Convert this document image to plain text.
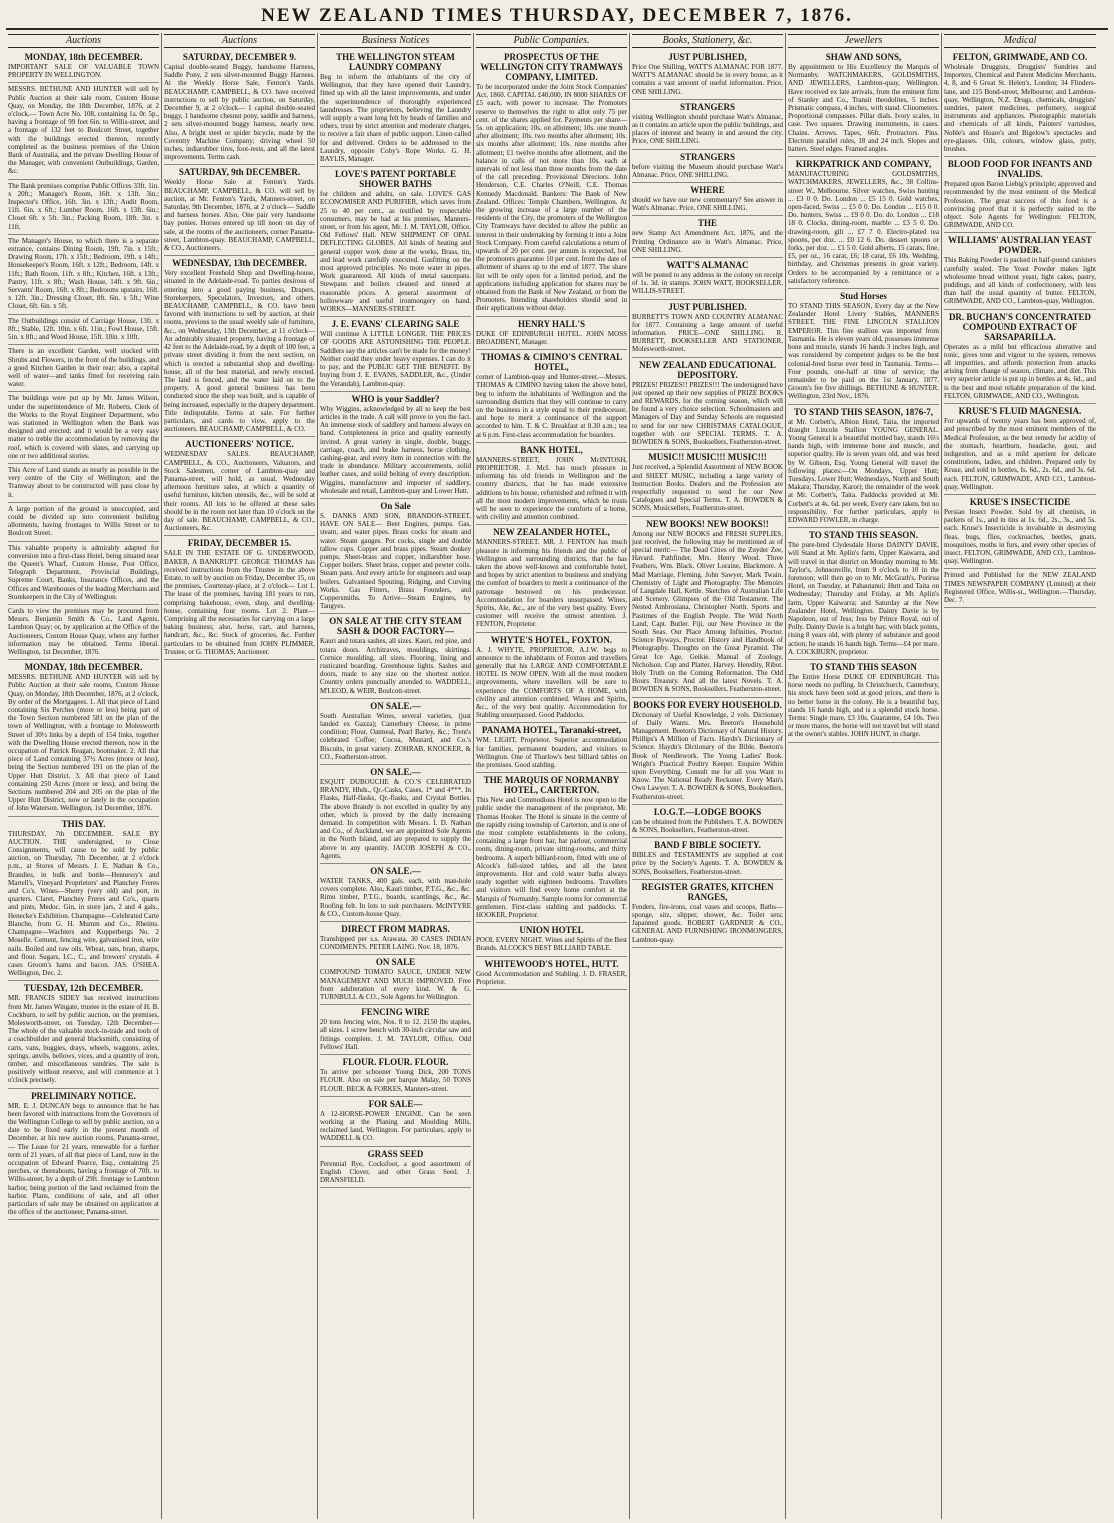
NEW ZEALAND TIMES THURSDAY, DECEMBER 7, 1876.
Auctions
MONDAY, 18th DECEMBER.
IMPORTANT SALE OF VALUABLE TOWN PROPERTY IN WELLINGTON.
MESSRS. BETHUNE AND HUNTER will sell by Public Auction at their sale room, Custom House Quay, on Monday, the 18th December, 1876, at 2 o'clock,— Town Acre No. 108, containing 1a. 0r. 5p., having a frontage of 99 feet 6in. to Willis-street, and a frontage of 132 feet to Boulcott Street, together with the buildings erected thereon, recently completed as the business premises of the Union Bank of Australia, and the private Dwelling House of the Manager, with convenient Outbuildings, Garden, &c.
The Bank premises comprise Public Offices 33ft. 1in. x 20ft.; Manager's Room, 16ft. x 13ft. 3in.; Inspector's Office, 16ft. 3in. x 13ft.; Audit Room, 11ft. 6in. x 6ft.; Lumber Room, 16ft. x 13ft. 6in.; Closet 6ft. x 5ft. 3in.; Packing Room, 18ft. 3in. x 11ft.
The Manager's House, to which there is a separate entrance, contains Dining Room, 19ft. 7in. x 15ft.; Drawing Room, 17ft. x 15ft.; Bedroom, 19ft. x 14ft.; Housekeeper's Room, 16ft. x 12ft.; Bedroom, 14ft. x 11ft.; Bath Room, 11ft. x 8ft.; Kitchen, 16ft. x 13ft.; Pantry, 11ft. x 8ft.; Wash House, 14ft. x 9ft. 6in.; Servants' Room, 16ft. x 8ft.; Bedrooms upstairs, 16ft. x 12ft. 3in.; Dressing Closet, 8ft. 6in. x 5ft.; Wine Closet, 6ft. 6in. x 5ft.
The Outbuildings consist of Carriage House, 13ft. x 8ft.; Stable, 12ft. 10in. x 6ft. 11in.; Fowl House, 15ft. 5in. x 8ft.; and Wood House, 15ft. 10in. x 10ft.
There is an excellent Garden, well stocked with Shrubs and Flowers, in the front of the buildings, and a good Kitchen Garden in their rear; also, a capital well of water—and tanks fitted for receiving rain water.
The buildings were put up by Mr. James Wilson, under the superintendence of Mr. Roberts, Clerk of the Works to the Royal Engineer Department, who was stationed in Wellington when the Bank was designed and erected; and it would be a very easy matter to treble the accommodation by removing the roof, which is covered with slates, and carrying up one or two additional stories.
This Acre of Land stands as nearly as possible in the very centre of the City of Wellington; and the Tramway about to be constructed will pass close by it.
A large portion of the ground is unoccupied, and could be divided up into convenient building allotments, having frontages to Willis Street or to Boulcott Street.
This valuable property is admirably adapted for conversion into a first-class Hotel, being situated near the Queen's Wharf, Custom House, Post Office, Telegraph Department, Provincial Buildings, Supreme Court, Banks, Insurance Offices, and the Offices and Warehouses of the leading Merchants and Storekeepers in the City of Wellington.
Cards to view the premises may be procured from Messrs. Benjamin Smith & Co., Land Agents, Lambton Quay; or, by application at the Office of the Auctioneers, Custom House Quay, where any further information may be obtained. Terms liberal. Wellington, 1st December, 1876.
MONDAY, 18th DECEMBER.
MESSRS. BETHUNE AND HUNTER will sell by Public Auction at their sale rooms, Custom House Quay, on Monday, 18th December, 1876, at 2 o'clock, By order of the Mortgagees. 1. All that piece of Land containing Six Perches (more or less) being part of the Town Section numbered 581 on the plan of the town of Wellington, with a frontage to Molesworth Street of 30½ links by a depth of 154 links, together with the Dwelling House erected thereon, now in the occupation of Patrick Reagan, bootmaker. 2. All that piece of Land containing 37½ Acres (more or less), being the Section numbered 191 on the plan of the Upper Hutt District. 3. All that piece of Land containing 250 Acres (more or less), and being the Sections numbered 204 and 205 on the plan of the Upper Hutt District, now or lately in the occupation of John Waterson. Wellington, 1st December, 1876.
THIS DAY.
THURSDAY, 7th DECEMBER. SALE BY AUCTION. THE undersigned, to Close Consignments, will cause to be sold by public auction, on Thursday, 7th December, at 2 o'clock p.m., at Stores of Messrs. J. E. Nathan & Co., Brandies, in bulk and bottle—Hennessy's and Martell's, Vineyard Proprietors' and Planchey Freres and Co's. Wines—Sherry (very old) and port, in quarters. Claret, Planchey Freres and Co's., quarts and pints, Medoc. Gin, in store jars, 2 and 4 gals., Henecke's Exhibition. Champagne—Celebrated Carte Blanche, from G. H. Mumm and Co., Rheims. Champagne—Wachters and Kupperbergs No. 2 Moselle. Cement, fencing wire, galvanised iron, wire nails. Boiled and raw oils. Wheat, oats, bran, sharps, and flour. Sugars, I.C., C., and brewers' crystals. 4 cases Groom's hams and bacon. JAS. O'SHEA. Wellington, Dec. 2.
TUESDAY, 12th DECEMBER.
MR. FRANCIS SIDEY has received instructions from Mr. James Wingate, trustee in the estate of H. B. Cockburn, to sell by public auction, on the premises, Molesworth-street, on Tuesday, 12th December— The whole of the valuable stock-in-trade and tools of a coachbuilder and general blacksmith, consisting of carts, vans, buggies, drays, wheels, waggons, axles, springs, anvils, bellows, vices, and a quantity of iron, timber, and miscellaneous sundries. The sale is positively without reserve, and will commence at 1 o'clock precisely.
PRELIMINARY NOTICE.
MR. E. J. DUNCAN begs to announce that he has been favored with instructions from the Governors of the Wellington College to sell by public auction, on a date to be fixed early in the present month of December, at his new auction rooms, Panama-street,— The Lease for 21 years, renewable for a further term of 21 years, of all that piece of Land, now in the occupation of Edward Pearce, Esq., containing 25 perches, or thereabouts, having a frontage of 70ft. to Willis-street, by a depth of 29ft. frontage to Lambton harbor, being portion of the land reclaimed from the harbor. Plans, conditions of sale, and all other particulars of sale may be obtained on application at the office of the auctioneer, Panama-street.
Auctions
SATURDAY, DECEMBER 9.
Capital double-seated Buggy, handsome Harness, Saddle Pony, 2 sets silver-mounted Buggy Harness. At the Weekly Horse Sale, Fenton's Yards. BEAUCHAMP, CAMPBELL, & CO. have received instructions to sell by public auction, on Saturday, December 9, at 2 o'clock— 1 capital double-seated buggy, 1 handsome chesnut pony, saddle and harness, 2 sets silver-mounted buggy harness, nearly new. Also, A bright steel or spider bicycle, made by the Coventry Machine Company; driving wheel 50 inches, indiarubber tires, foot-rests, and all the latest improvements. Terms cash.
SATURDAY, 9th DECEMBER.
Weekly Horse Sale at Fenton's Yards. BEAUCHAMP, CAMPBELL, & CO. will sell by auction, at Mr. Fenton's Yards, Manners-street, on Saturday, 9th December, 1876, at 2 o'clock— Saddle and harness horses. Also, One pair very handsome bay ponies. Horses entered up till noon on day of sale, at the rooms of the auctioneers, corner Panama-street, Lambton-quay. BEAUCHAMP, CAMPBELL, & CO., Auctioneers.
WEDNESDAY, 13th DECEMBER.
Very excellent Freehold Shop and Dwelling-house, situated in the Adelaide-road. To parties desirous of entering into a good paying business, Drapers, Storekeepers, Speculators, Investors, and others. BEAUCHAMP, CAMPBELL, & CO. have been favored with instructions to sell by auction, at their rooms, previous to the usual weekly sale of furniture, &c., on Wednesday, 13th December, at 11 o'clock— An admirably situated property, having a frontage of 42 feet to the Adelaide-road, by a depth of 100 feet, a private street dividing it from the next section, on which is erected a substantial shop and dwelling-house, all of the best material, and newly erected. The land is fenced, and the water laid on to the property. A good general business has been conducted since the shop was built, and is capable of being increased, especially in the drapery department. Title indisputable. Terms at sale. For further particulars, and cards to view, apply to the auctioneers. BEAUCHAMP, CAMPBELL, & CO.
AUCTIONEERS' NOTICE.
WEDNESDAY SALES. BEAUCHAMP, CAMPBELL, & CO., Auctioneers, Valuators, and Stock Salesmen, corner of Lambton-quay and Panama-street, will hold, as usual, Wednesday afternoon furniture sales, at which a quantity of useful furniture, kitchen utensils, &c., will be sold at their rooms. All lots to be offered at these sales should be in the room not later than 10 o'clock on the day of sale. BEAUCHAMP, CAMPBELL, & CO., Auctioneers, &c.
FRIDAY, DECEMBER 15.
SALE IN THE ESTATE OF G. UNDERWOOD, BAKER, A BANKRUPT. GEORGE THOMAS has received instructions from the Trustee in the above Estate, to sell by auction on Friday, December 15, on the premises, Courtenay-place, at 2 o'clock— Lot 1. The lease of the premises, having 181 years to run, comprising bakehouse, oven, shop, and dwelling-house, containing four rooms. Lot 2. Plant—Comprising all the necessaries for carrying on a large baking business; also, horse, cart, and harness, handcart, &c., &c. Stock of groceries, &c. Further particulars to be obtained from JOHN PLIMMER, Trustee, or G. THOMAS, Auctioneer.
Business Notices
THE WELLINGTON STEAM LAUNDRY COMPANY
Beg to inform the inhabitants of the city of Wellington, that they have opened their Laundry, fitted up with all the latest improvements, and under the superintendence of thoroughly experienced laundresses. The proprietors, believing the Laundry will supply a want long felt by heads of families and others, trust by strict attention and moderate charges, to receive a fair share of public support. Linen called for and delivered. Orders to be addressed to the Laundry, opposite Coby's Rope Works. G. H. BAYLIS, Manager.
LOVE'S PATENT PORTABLE SHOWER BATHS
for children and adults, on sale. LOVE'S GAS ECONOMISER AND PURIFIER, which saves from 25 to 40 per cent., as testified by respectable consumers, may be had at his premises, Manners-street, or from his agent, Mr. J. M. TAYLOR, Office, Old Fellows' Hall. NEW SHIPMENT OF OPAL DEFLECTING GLOBES. All kinds of heating and general copper work done at the works, Brass, tin, and lead work carefully executed. Gasfitting on the most approved principles. No more water in pipes. Work guaranteed. All kinds of metal saucepans. Stewpans and boilers cleaned and tinned at reasonable prices. A general assortment of hollowware and useful ironmongery on hand. WORKS—MANNERS-STREET.
J. E. EVANS' CLEARING SALE
Will continue A LITTLE LONGER. THE PRICES OF GOODS ARE ASTONISHING THE PEOPLE. Saddlers say the articles can't be made for the money! Neither could they under heavy expenses. I can do it to pay, and the PUBLIC GET THE BENEFIT. By buying from J. E. EVANS, SADDLER, &c., (Under the Verandah), Lambton-quay.
WHO is your Saddler?
Why Wiggins, acknowledged by all to keep the best articles in the trade. A call will prove to you the fact. An immense stock of saddlery and harness always on hand. Completeness in price and quality earnestly invited. A great variety in single, double, buggy, carriage, coach, and brake harness, horse clothing, cashing-gear, and every item in connection with the trade in abundance. Military accoutrements, solid leather cases, and solid belting of every description. Wiggins, manufacturer and importer of saddlery, wholesale and retail, Lambton-quay and Lower Hutt.
On Sale
S. DANKS AND SON, BRANDON-STREET, HAVE ON SALE— Beer Engines, pumps. Gas, steam, and water pipes. Brass cocks for steam and water. Steam gauges. Pot cocks, single and double tallow cups. Copper and brass pipes. Steam donkey pumps. Sheet-brass and copper, indiarubber hose. Copper boilers. Sheet brass, copper and pewter coils. Steam pans. And every article for engineers and soap boilers. Galvanised Spouting, Ridging, and Curving Works. Gas Fitters, Brass Founders, and Coppersmiths. To Arrive—Steam Engines, by Tangyes.
ON SALE AT THE CITY STEAM SASH & DOOR FACTORY—
Kauri and totara sashes, all sizes. Kauri, red pine, and totara doors. Architraves, mouldings, skirtings. Cornice moulding, all sizes. Flooring, lining and rusticated boarding. Greenhouse lights. Sashes and doors, made to any size on the shortest notice. Country orders punctually attended to. WADDELL, M'LEOD, & WEIR, Boulcott-street.
ON SALE.—
South Australian Wines, several varieties, (just landed ex Gazza); Canterbury Cheese, in prime condition; Flour, Oatmeal, Pearl Barley, &c.; Trent's celebrated Coffee; Cocoa, Mustard, and Co.'s Biscuits, in great variety. ZOHRAB, KNOCKER, & CO., Featherston-street.
ON SALE.—
ESQUIT DUBOUCHE & CO.'S CELEBRATED BRANDY, Hhds., Qr.-Casks, Cases, 1* and 4***. In Flasks, Half-flasks, Qr.-flasks, and Crystal Bottles. The above Brandy is not excelled in quality by any other, which is proved by the daily increasing demand. In competition with Messrs. I. D. Nathan and Co., of Auckland, we are appointed Sole Agents in the North Island, and are prepared to supply the above in any quantity. JACOB JOSEPH & CO., Agents.
ON SALE.—
WATER TANKS, 400 gals. each, with man-hole covers complete. Also, Kauri timber, P.T.G., &c., &c. Rimu timber, P.T.G., boards, scantlings, &c., &c. Roofing felt. In lots to suit purchasers. McINTYRE & CO., Custom-house Quay.
DIRECT FROM MADRAS.
Transhipped per s.s. Arawata. 30 CASES INDIAN CONDIMENTS. PETER LAING. Nov. 18, 1876.
ON SALE
COMPOUND TOMATO SAUCE, UNDER NEW MANAGEMENT AND MUCH IMPROVED. Free from adulteration of every kind. W. & G. TURNBULL & CO., Sole Agents for Wellington.
FENCING WIRE
20 tons fencing wire, Nos. 8 to 12. 2150 lbs staples, all sizes. 1 screw bench with 30-inch circular saw and fittings complete. J. M. TAYLOR, Office, Odd Fellows' Hall.
FLOUR. FLOUR. FLOUR.
To arrive per schooner Young Dick, 200 TONS FLOUR. Also on sale per barque Malay, 50 TONS FLOUR. BECK & FORKES, Manners-street.
FOR SALE—
A 12-HORSE-POWER ENGINE. Can be seen working at the Planing and Moulding Mills, reclaimed land, Wellington. For particulars, apply to WADDELL & CO.
GRASS SEED
Perennial Rye, Cocksfoot, a good assortment of English Clover, and other Grass Seed. J. DRANSFIELD.
Public Companies.
PROSPECTUS OF THE WELLINGTON CITY TRAMWAYS COMPANY, LIMITED.
To be incorporated under the Joint Stock Companies' Act, 1860. CAPITAL £40,000, IN 8000 SHARES OF £5 each, with power to increase. The Promoters reserve to themselves the right to allot only 75 per cent. of the shares applied for. Payments per share—5s. on application; 10s. on allotment; 10s. one month after allotment; 10s. two months after allotment; 10s. six months after allotment; 10s. nine months after allotment; £1 twelve months after allotment, and the balance in calls of not more than 10s. each at intervals of not less than three months from the date of the call preceding. Provisional Directors. John Henderson, C.E. Charles O'Neill, C.E. Thomas Kennedy Macdonald. Bankers: The Bank of New Zealand. Offices: Temple Chambers, Wellington. At the growing increase of a large number of the residents of the City, the promoters of the Wellington City Tramways have decided to allow the public an interest in their undertaking by forming it into a Joint Stock Company. From careful calculations a return of upwards of 20 per cent. per annum is expected, but the promoters guarantee 10 per cent. from the date of allotment of shares up to the end of 1877. The share list will be only open for a limited period, and the applications including application for shares may be obtained from the Bank of New Zealand, or from the Promoters. Intending shareholders should send in their applications without delay.
HENRY HALL'S
DUKE OF EDINBURGH HOTEL. JOHN MOSS BROADBENT, Manager.
THOMAS & CIMINO'S CENTRAL HOTEL,
corner of Lambton-quay and Hunter-street.—Messrs. THOMAS & CIMINO having taken the above hotel, beg to inform the inhabitants of Wellington and the surrounding districts that they will continue to carry on the business in a style equal to their predecessor, and hope to merit a continuance of the support accorded to him. T. & C. Breakfast at 8.30 a.m.; tea at 6 p.m. First-class accommodation for boarders.
BANK HOTEL,
MANNERS-STREET, JOHN McINTOSH, PROPRIETOR. J. McI. has much pleasure in informing his old friends in Wellington and the country districts, that he has made extensive additions to his house, refurnished and refitted it with all the most modern improvements, which he trusts will be seen to experience the comforts of a home, with civility and attention combined.
NEW ZEALANDER HOTEL,
MANNERS-STREET. MR. J. FENTON has much pleasure in informing his friends and the public of Wellington and surrounding districts, that he has taken the above well-known and comfortable hotel, and hopes by strict attention to business and studying the comfort of boarders to merit a continuance of the patronage bestowed on his predecessor. Accommodation for boarders unsurpassed. Wines, Spirits, Ale, &c., are of the very best quality. Every customer will receive the utmost attention. J. FENTON, Proprietor.
WHYTE'S HOTEL, FOXTON.
A. J. WHYTE, PROPRIETOR. A.J.W. begs to announce to the inhabitants of Foxton and travellers generally that his LARGE AND COMFORTABLE HOTEL IS NOW OPEN. With all the most modern improvements, where travellers will be sure to experience the COMFORTS OF A HOME, with civility and attention combined. Wines and Spirits, &c., of the very best quality. Accommodation for Stabling unsurpassed. Good Paddocks.
PANAMA HOTEL, Taranaki-street,
WM. LIGHT, Proprietor. Superior accommodation for families, permanent boarders, and visitors to Wellington. One of Thurlow's best billiard tables on the premises. Good stabling.
THE MARQUIS OF NORMANBY HOTEL, CARTERTON.
This New and Commodious Hotel is now open to the public under the management of the proprietor, Mr. Thomas Hooker. The Hotel is situate in the centre of the rapidly rising township of Carterton, and is one of the most complete establishments in the colony, containing a large front bar, bar parlour, commercial room, dining-room, private sitting-rooms, and thirty bedrooms. A superb billiard-room, fitted with one of Alcock's full-sized tables, and all the latest improvements. Hot and cold water baths always ready together with eighteen bedrooms. Travellers and visitors will find every home comfort at the Marquis of Normanby. Sample rooms for commercial gentlemen. First-class stabling and paddocks. T. HOOKER, Proprietor.
UNION HOTEL
POOL EVERY NIGHT. Wines and Spirits of the Best Brands. ALCOCK'S BEST BILLIARD TABLE.
WHITEWOOD'S HOTEL, HUTT.
Good Accommodation and Stabling. J. D. FRASER, Proprietor.
Books, Stationery, &c.
JUST PUBLISHED,
Price One Shilling, WATT'S ALMANAC FOR 1877. WATT'S ALMANAC should be in every house, as it contains a vast amount of useful information. Price, ONE SHILLING.
STRANGERS
visiting Wellington should purchase Watt's Almanac, as it contains an article upon the public buildings, and places of interest and beauty in and around the city. Price, ONE SHILLING.
STRANGERS
before visiting the Museum should purchase Watt's Almanac. Price, ONE SHILLING.
WHERE
should we have our new commentary? See answer in Watt's Almanac. Price, ONE SHILLING.
THE
new Stamp Act Amendment Act, 1876, and the Printing Ordinance are in Watt's Almanac. Price, ONE SHILLING.
WATT'S ALMANAC
will be posted to any address in the colony on receipt of 1s. 3d. in stamps. JOHN WATT, BOOKSELLER, WILLIS-STREET.
JUST PUBLISHED.
BURRETT'S TOWN AND COUNTRY ALMANAC for 1877. Containing a large amount of useful information. PRICE—ONE SHILLING. R. BURRETT, BOOKSELLER AND STATIONER, Molesworth-street.
NEW ZEALAND EDUCATIONAL DEPOSITORY.
PRIZES! PRIZES!! PRIZES!!! The undersigned have just opened up their new supplies of PRIZE BOOKS and REWARDS, for the coming season, which will be found a very choice selection. Schoolmasters and Managers of Day and Sunday Schools are requested to send for our new CHRISTMAS CATALOGUE, together with our SPECIAL TERMS. T. A. BOWDEN & SONS, Booksellers, Featherston-street.
MUSIC!! MUSIC!!! MUSIC!!!
Just received, a Splendid Assortment of NEW BOOK and SHEET MUSIC, including a large variety of Instruction Books. Dealers and the Profession are respectfully requested to send for our New Catalogues and Special Terms. T. A. BOWDEN & SONS, Musicsellers, Featherston-street.
NEW BOOKS! NEW BOOKS!!
Among our NEW BOOKS and FRESH SUPPLIES, just received, the following may be mentioned as of special merit:— The Dead Cities of the Zuyder Zee, Havard. Pathfinder, Mrs. Henry Wood. Three Feathers, Wm. Black. Oliver Loraine, Blackmore. A Mad Marriage, Fleming. John Sawyer, Mark Twain. Chemistry of Light and Photography. The Memoirs of Langdale Hall, Kettle. Sketches of Australian Life and Scenery. Glimpses of the Old Testament. The Nested Ambrosiana, Christopher North. Sports and Pastimes of the English People. The Wild North Land, Capt. Butler. Fiji, our New Province in the South Seas. Our Place Among Infinities, Proctor. Science Byways, Proctor. History and Handbook of Photography. Thoughts on the Great Pyramid. The Great Ice Age, Geikie. Manual of Zoology, Nicholson. Cup and Platter, Harvey. Heredity, Ribot. Holy Truth on the Coming Reformation. The Odd Hours Treasury. And all the latest Novels. T. A. BOWDEN & SONS, Booksellers, Featherston-street.
BOOKS FOR EVERY HOUSEHOLD.
Dictionary of Useful Knowledge, 2 vols. Dictionary of Daily Wants. Mrs. Beeton's Household Management. Beeton's Dictionary of Natural History. Phillips's A Million of Facts. Haydn's Dictionary of Science. Haydn's Dictionary of the Bible. Beeton's Book of Needlework. The Young Ladies' Book. Wright's Practical Poultry Keeper. Enquire Within upon Everything. Consult me for all you Want to Know. The National Ready Reckoner. Every Man's Own Lawyer. T. A. BOWDEN & SONS, Booksellers, Featherston-street.
I.O.G.T.—LODGE BOOKS
can be obtained from the Publishers. T. A. BOWDEN & SONS, Booksellers, Featherston-street.
BAND F BIBLE SOCIETY.
BIBLES and TESTAMENTS are supplied at cost price by the Society's Agents. T. A. BOWDEN & SONS, Booksellers, Featherston-street.
REGISTER GRATES, KITCHEN RANGES,
Fenders, fire-irons, coal vases and scoops, Baths—sponge, sitz, slipper, shower, &c. Toilet sets; Japanned goods. ROBERT GARDNER & CO., GENERAL AND FURNISHING IRONMONGERS, Lambton-quay.
Jewellers
SHAW AND SONS,
By appointment to His Excellency the Marquis of Normanby. WATCHMAKERS, GOLDSMITHS, AND JEWELLERS, Lambton-quay, Wellington. Have received ex late arrivals, from the eminent firm of Stanley and Co., Transit theodolites, 5 inches. Prismatic compass, 4 inches, with stand. Clinometers. Proportional compasses. Pillar dials. Ivory scales, in case. Two squares. Drawing instruments, in cases. Chains. Arrows. Tapes, 66ft. Protractors. Pins. Electrum parallel rules, 18 and 24 inch. Slopes and batters. Steel edges. Framed angles.
KIRKPATRICK AND COMPANY,
MANUFACTURING GOLDSMITHS, WATCHMAKERS, JEWELLERS, &c., 38 Collins-street W., Melbourne. Silver watches, Swiss hunting ... £3 0 0. Do. London ... £5 15 0. Gold watches, open-faced, Swiss ... £5 0 0. Do. London ... £15 0 0. Do. hunters, Swiss ... £9 0 0. Do. do. London ... £18 18 0. Clocks, dining-room, marble ... £3 5 0. Do. drawing-room, gilt ... £7 7 0. Electro-plated tea spoons, per doz. ... £0 12 6. Do. dessert spoons or forks, per doz. ... £1 5 0. Gold alberts, 15 carats, fine, £5, per oz., 16 carat, £6; 18 carat, £6 10s. Wedding, birthday, and Christmas presents in great variety. Orders to be accompanied by a remittance or a satisfactory reference.
Stud Horses
TO STAND THIS SEASON, Every day at the New Zealander Hotel Livery Stables, MANNERS STREET, THE FINE LINCOLN STALLION EMPEROR. This fine stallion was imported from Tasmania. He is eleven years old, possesses immense bone and muscle, stands 16 hands 3 inches high, and was considered by competent judges to be the best colonial-bred horse ever bred in Tasmania. Terms—Four pounds, one-half at time of service; the remainder to be paid on the 1st January, 1877. Groom's fee five shillings. BETHUNE & HUNTER. Wellington, 23rd Nov., 1876.
TO STAND THIS SEASON, 1876-7,
at Mr. Corbett's, Albion Hotel, Taita, the imported draught Lincoln Stallion YOUNG GENERAL. Young General is a beautiful mottled bay, stands 16½ hands high, with immense bone and muscle, and superior quality. He is seven years old, and was bred by W. Gibson, Esq. Young General will travel the following places:—On Mondays, Upper Hutt; Tuesdays, Lower Hutt; Wednesdays, North and South Makara; Thursday, Karori; the remainder of the week at Mr. Corbett's, Taita. Paddocks provided at Mr. Corbett's at 4s. 6d. per week. Every care taken, but no responsibility. For further particulars, apply to EDWARD FOWLER, in charge.
TO STAND THIS SEASON.
The pure-bred Clydesdale Horse DAINTY DAVIE, will Stand at Mr. Aplin's farm, Upper Kaiwarra, and will travel in that district on Monday morning to Mr. Taylor's, Johnsonville, from 9 o'clock to 10 in the forenoon; will then go on to Mr. McGrath's, Porirua Hotel, on Tuesday, at Pahautanui; Hutt and Taita on Wednesday; Thursday and Friday, at Mr. Aplin's farm, Upper Kaiwarra; and Saturday at the New Zealander Hotel, Wellington. Dainty Davie is by Napoleon, out of Jess; Jess by Prince Royal, out of Polly. Dainty Davie is a bright bay, with black points, rising 8 years old, with plenty of substance and good action; he stands 16 hands high. Terms—£4 per mare. A. COCKBURN, proprietor.
TO STAND THIS SEASON
The Entire Horse DUKE OF EDINBURGH. This horse needs no puffing. In Christchurch, Canterbury, his stock have been sold at good prices, and there is no better horse in the colony. He is a beautiful bay, stands 16 hands high, and is a splendid stock horse. Terms: Single mare, £3 10s. Guarantee, £4 10s. Two or more mares, the horse will not travel but will stand at the owner's stables. JOHN HUNT, in charge.
Medical
FELTON, GRIMWADE, AND CO.
Wholesale Druggists, Druggists' Sundries and Importers, Chemical and Patent Medicine Merchants, 4, 8, and 6 Great St. Helen's, London; 34 Flinders-lane, and 115 Bond-street, Melbourne; and Lambton-quay, Wellington, N.Z. Drugs, chemicals, druggists' sundries, patent medicines, perfumery, surgical instruments and appliances. Photographic materials and chemicals of all kinds, Painters' varnishes, Noble's and Hoare's and Bigelow's spectacles and eye-glasses. Oils, colours, window glass, putty, brushes.
BLOOD FOOD FOR INFANTS AND INVALIDS.
Prepared upon Baron Liebig's principle; approved and recommended by the most eminent of the Medical Profession. The great success of this food is a convincing proof that it is perfectly suited to the object. Sole Agents for Wellington: FELTON, GRIMWADE, AND CO.
WILLIAMS' AUSTRALIAN YEAST POWDER.
This Baking Powder is packed in half-pound canisters carefully sealed. The Yeast Powder makes light wholesome bread without yeast, light cakes, pastry, puddings, and all kinds of confectionery, with less than half the usual quantity of butter. FELTON, GRIMWADE, AND CO., Lambton-quay, Wellington.
DR. BUCHAN'S CONCENTRATED COMPOUND EXTRACT OF SARSAPARILLA.
Operates as a mild but efficacious alterative and tonic, gives tone and vigour to the system, removes all impurities, and affords protection from attacks arising from change of season, climate, and diet. This very superior article is put up in bottles at 4s. 6d., and is the best and most reliable preparation of the kind. FELTON, GRIMWADE, AND CO., Wellington.
KRUSE'S FLUID MAGNESIA.
For upwards of twenty years has been approved of, and prescribed by the most eminent members of the Medical Profession, as the best remedy for acidity of the stomach, heartburn, headache, gout, and indigestion, and as a mild aperient for delicate constitutions, ladies, and children. Prepared only by Kruse, and sold in bottles, Is. 6d., 2s. 6d., and 3s. 6d. each. FELTON, GRIMWADE, AND CO., Lambton-quay, Wellington.
KRUSE'S INSECTICIDE
Persian Insect Powder. Sold by all chemists, in packets of 1s., and in tins at 1s. 6d., 2s., 3s., and 5s. each. Kruse's Insecticide is invaluable in destroying fleas, bugs, flies, cockroaches, beetles, gnats, mosquitoes, moths in furs, and every other species of insect. FELTON, GRIMWADE, AND CO., Lambton-quay, Wellington.
Printed and Published for the NEW ZEALAND TIMES NEWSPAPER COMPANY (Limited) at their Registered Office, Willis-st., Wellington.—Thursday, Dec. 7.
